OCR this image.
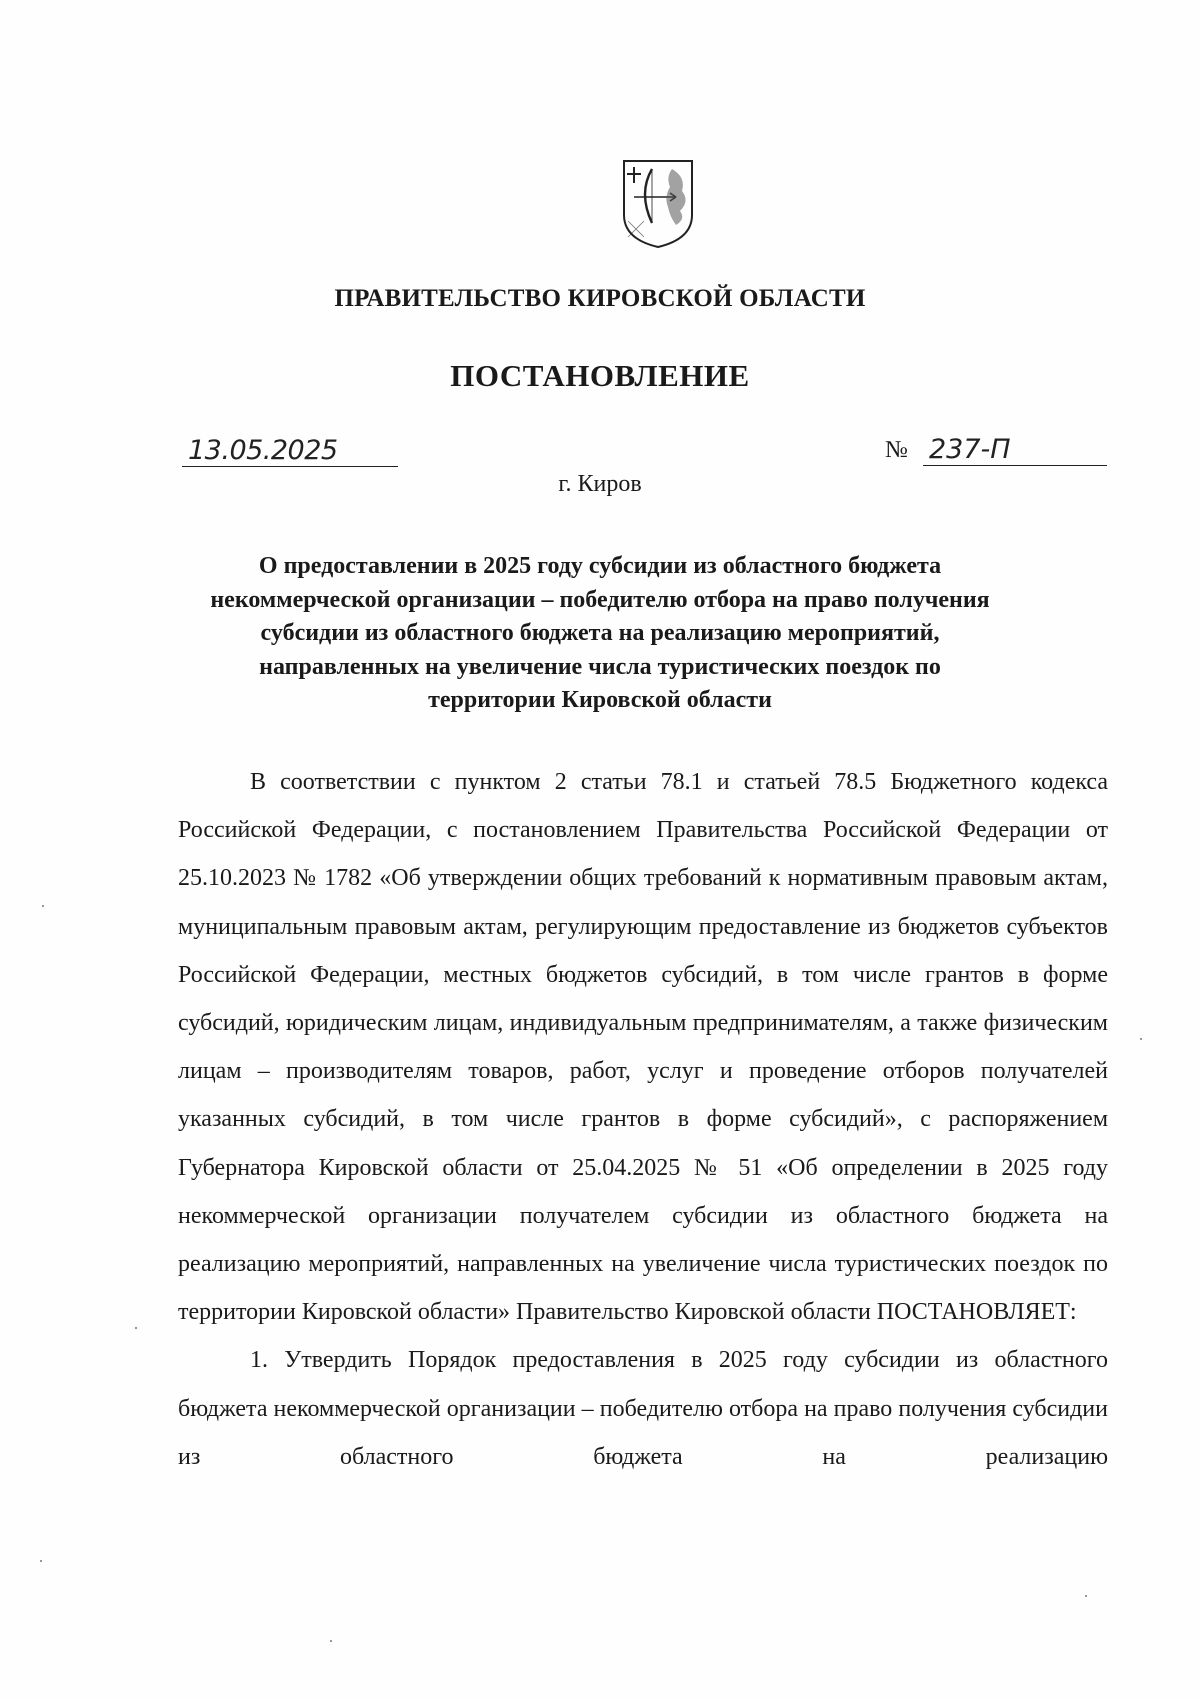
ПРАВИТЕЛЬСТВО КИРОВСКОЙ ОБЛАСТИ
ПОСТАНОВЛЕНИЕ
13.05.2025	№ 237-П
г. Киров
О предоставлении в 2025 году субсидии из областного бюджета
некоммерческой организации – победителю отбора на право получения
субсидии из областного бюджета на реализацию мероприятий,
направленных на увеличение числа туристических поездок по
территории Кировской области

В соответствии с пунктом 2 статьи 78.1 и статьей 78.5 Бюджетного кодекса Российской Федерации, с постановлением Правительства Российской Федерации от 25.10.2023 № 1782 «Об утверждении общих требований к нормативным правовым актам, муниципальным правовым актам, регулирующим предоставление из бюджетов субъектов Российской Федерации, местных бюджетов субсидий, в том числе грантов в форме субсидий, юридическим лицам, индивидуальным предпринимателям, а также физическим лицам – производителям товаров, работ, услуг и проведение отборов получателей указанных субсидий, в том числе грантов в форме субсидий», с распоряжением Губернатора Кировской области от 25.04.2025 № 51 «Об определении в 2025 году некоммерческой организации получателем субсидии из областного бюджета на реализацию мероприятий, направленных на увеличение числа туристических поездок по территории Кировской области» Правительство Кировской области ПОСТАНОВЛЯЕТ:

1. Утвердить Порядок предоставления в 2025 году субсидии из областного бюджета некоммерческой организации – победителю отбора на право получения субсидии из областного бюджета на реализацию
